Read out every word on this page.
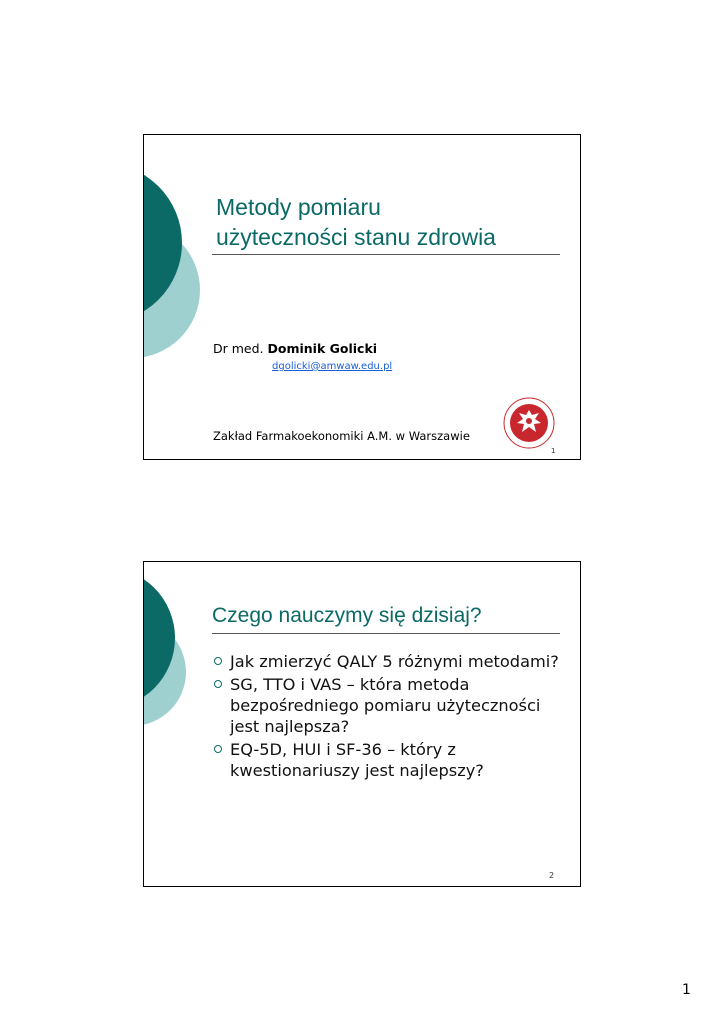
Metody pomiaru
użyteczności stanu zdrowia
Dr med. Dominik Golicki
dgolicki@amwaw.edu.pl
Zakład Farmakoekonomiki A.M. w Warszawie
1
Czego nauczymy się dzisiaj?
Jak zmierzyć QALY 5 różnymi metodami?
SG, TTO i VAS – która metoda bezpośredniego pomiaru użyteczności jest najlepsza?
EQ-5D, HUI i SF-36 – który z kwestionariuszy jest najlepszy?
2
1
